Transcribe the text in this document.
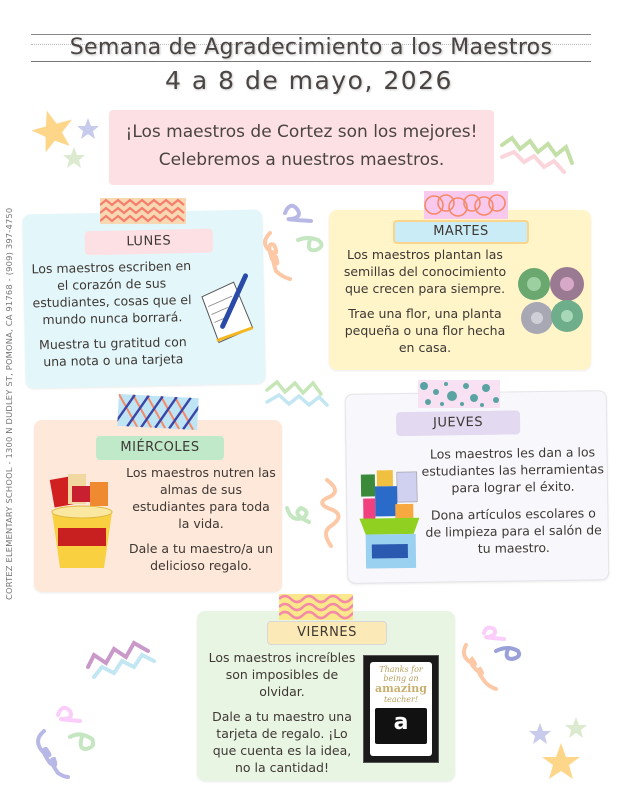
Semana de Agradecimiento a los Maestros
4 a 8 de mayo, 2026
¡Los maestros de Cortez son los mejores!
Celebremos a nuestros maestros.
CORTEZ ELEMENTARY SCHOOL - 1300 N DUDLEY ST, POMONA, CA 91768 - (909) 397-4750	LUNES

Los maestros escriben en el corazón de sus estudiantes, cosas que el mundo nunca borrará.

Muestra tu gratitud con una nota o una tarjeta

MARTES

Los maestros plantan las semillas del conocimiento que crecen para siempre.

Trae una flor, una planta pequeña o una flor hecha en casa.

MIÉRCOLES

Los maestros nutren las almas de sus estudiantes para toda la vida.

Dale a tu maestro/a un delicioso regalo.

JUEVES

Los maestros les dan a los estudiantes las herramientas para lograr el éxito.

Dona artículos escolares o de limpieza para el salón de tu maestro.

VIERNES

Los maestros increíbles son imposibles de olvidar.

Dale a tu maestro una tarjeta de regalo. ¡Lo que cuenta es la idea, no la cantidad!

Thanks for
being an
amazing
teacher!
a
